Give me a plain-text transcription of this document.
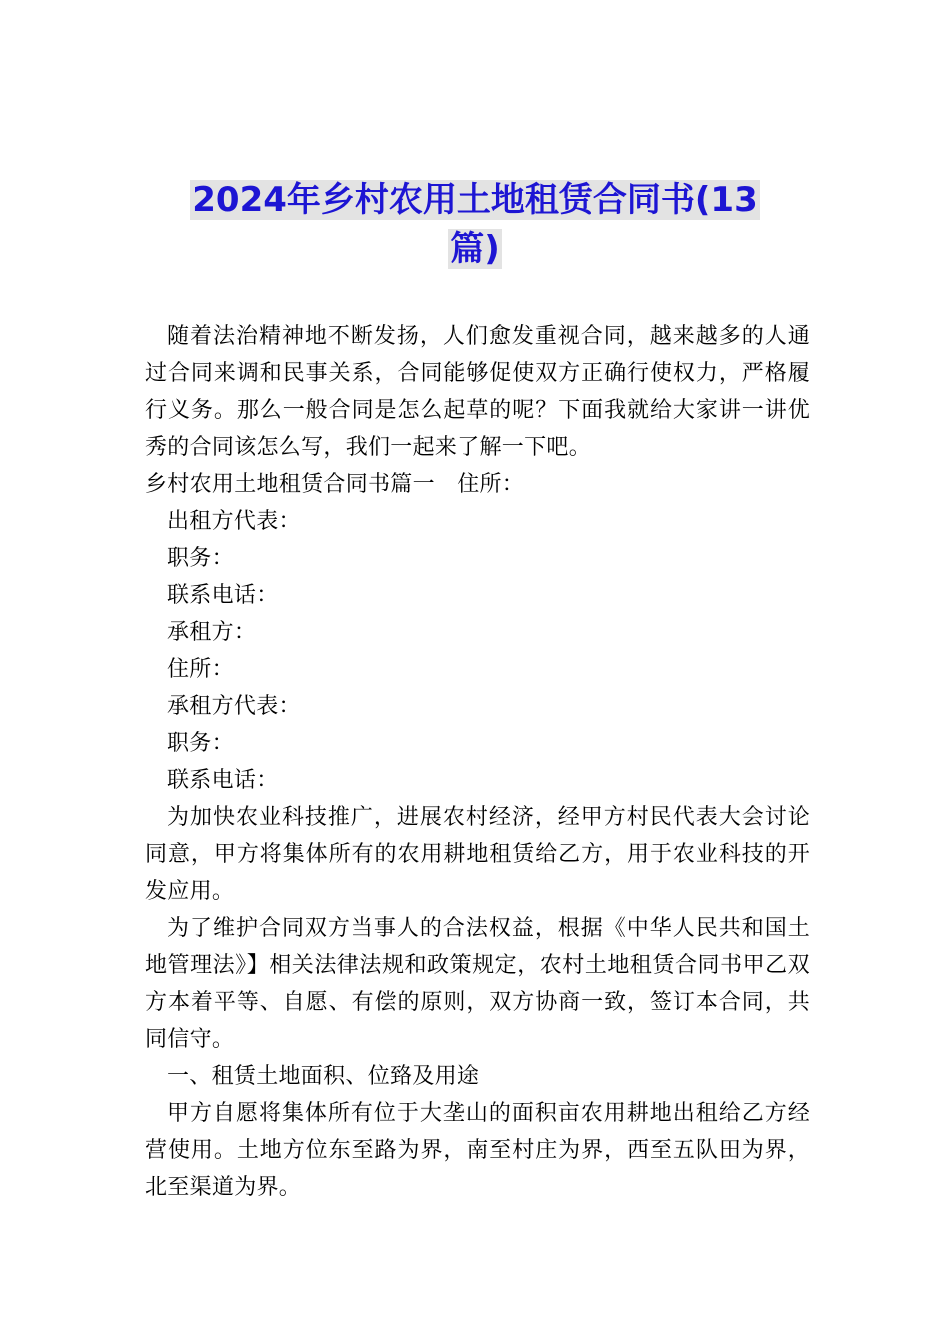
2024年乡村农用土地租赁合同书(13
篇)

随着法治精神地不断发扬，人们愈发重视合同，越来越多的人通过合同来调和民事关系，合同能够促使双方正确行使权力，严格履行义务。那么一般合同是怎么起草的呢？下面我就给大家讲一讲优秀的合同该怎么写，我们一起来了解一下吧。

乡村农用土地租赁合同书篇一　住所：

出租方代表：

职务：

联系电话：

承租方：

住所：

承租方代表：

职务：

联系电话：

为加快农业科技推广，进展农村经济，经甲方村民代表大会讨论同意，甲方将集体所有的农用耕地租赁给乙方，用于农业科技的开发应用。

为了维护合同双方当事人的合法权益，根据《中华人民共和国土地管理法》】相关法律法规和政策规定，农村土地租赁合同书甲乙双方本着平等、自愿、有偿的原则，双方协商一致，签订本合同，共同信守。

一、租赁土地面积、位臵及用途

甲方自愿将集体所有位于大垄山的面积亩农用耕地出租给乙方经营使用。土地方位东至路为界，南至村庄为界，西至五队田为界，北至渠道为界。
